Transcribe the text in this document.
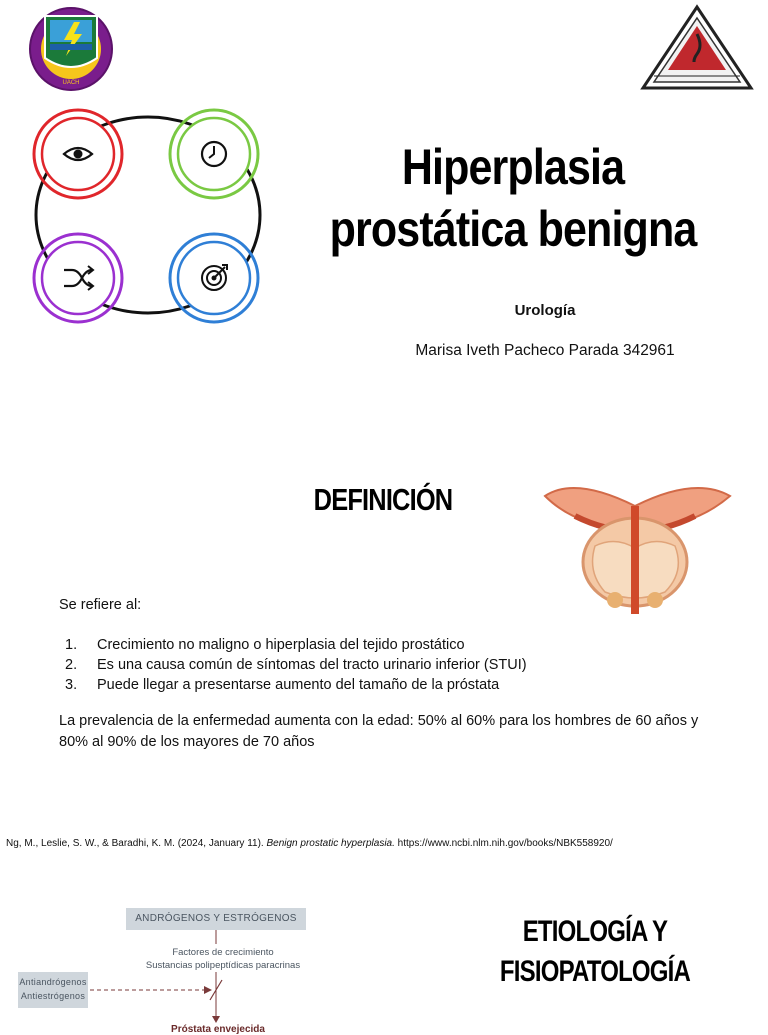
UACH
Hiperplasia prostática benigna
Urología
Marisa Iveth Pacheco Parada 342961
DEFINICIÓN
Se refiere al:
1.	Crecimiento no maligno o hiperplasia del tejido prostático
2.	Es una causa común de síntomas del tracto urinario inferior (STUI)
3.	Puede llegar a presentarse aumento del tamaño de la próstata

La prevalencia de la enfermedad aumenta con la edad: 50% al 60% para los hombres de 60 años y 80% al 90% de los mayores de 70 años

Ng, M., Leslie, S. W., & Baradhi, K. M. (2024, January 11). Benign prostatic hyperplasia. https://www.ncbi.nlm.nih.gov/books/NBK558920/

ANDRÓGENOS Y ESTRÓGENOS
Factores de crecimiento
Sustancias polipeptídicas paracrinas
Antiandrógenos
Antiestrógenos
Próstata envejecida
ETIOLOGÍA Y FISIOPATOLOGÍA
